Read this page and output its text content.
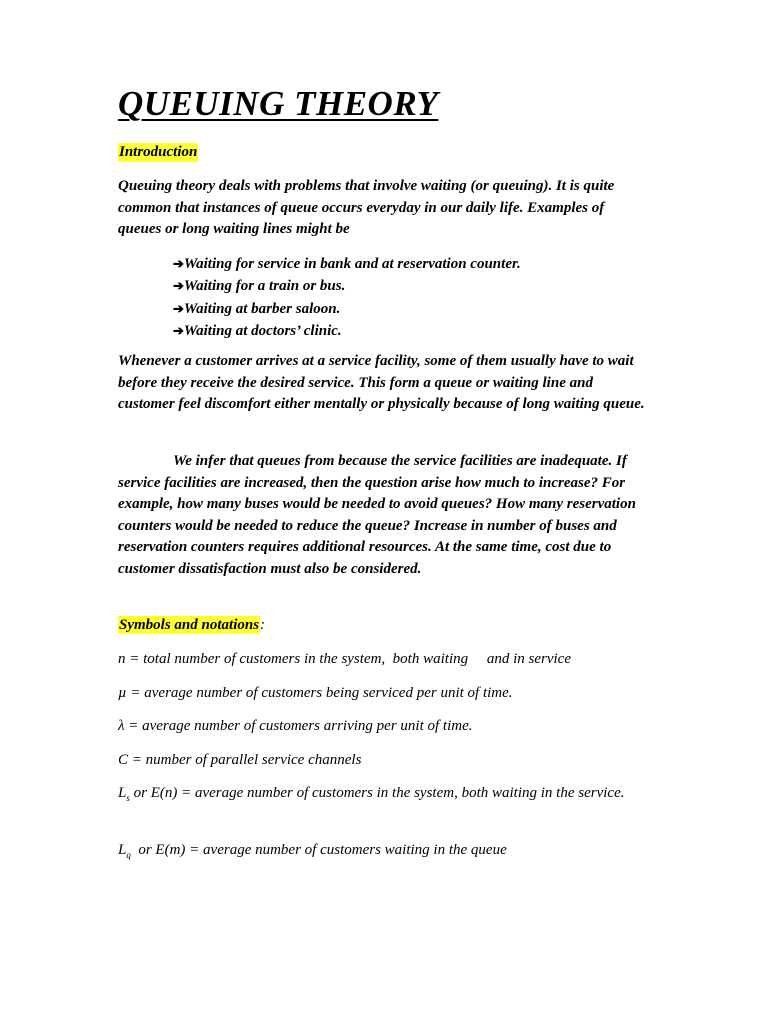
QUEUING THEORY
Introduction

Queuing theory deals with problems that involve waiting (or queuing). It is quite common that instances of queue occurs everyday in our daily life. Examples of queues or long waiting lines might be

➔Waiting for service in bank and at reservation counter.
➔Waiting for a train or bus.
➔Waiting at barber saloon.
➔Waiting at doctors’ clinic.

Whenever a customer arrives at a service facility, some of them usually have to wait before they receive the desired service. This form a queue or waiting line and customer feel discomfort either mentally or physically because of long waiting queue.

We infer that queues from because the service facilities are inadequate. If service facilities are increased, then the question arise how much to increase? For example, how many buses would be needed to avoid queues? How many reservation counters would be needed to reduce the queue? Increase in number of buses and reservation counters requires additional resources. At the same time, cost due to customer dissatisfaction must also be considered.

Symbols and notations:
n = total number of customers in the system,  both waiting     and in service
µ = average number of customers being serviced per unit of time.
λ = average number of customers arriving per unit of time.
C = number of parallel service channels
$L_s$ or E(n) = average number of customers in the system, both waiting in the service.
$L_q$  or E(m) = average number of customers waiting in the queue
